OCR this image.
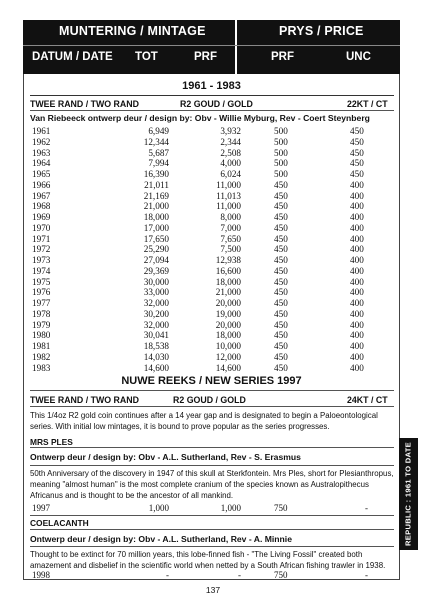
MUNTERING / MINTAGE	PRYS / PRICE
DATUM / DATE TOT	PRF	PRF	UNC
1961 - 1983
TWEE RAND / TWO RAND	R2 GOUD / GOLD	22KT / CT
Van Riebeeck ontwerp deur / design by: Obv - Willie Myburg, Rev - Coert Steynberg
1961	6,949	3,932	500	450
1962	12,344	2,344	500	450
1963	5,687	2,508	500	450
1964	7,994	4,000	500	450
1965	16,390	6,024	500	450
1966	21,011	11,000	450	400
1967	21,169	11,013	450	400
1968	21,000	11,000	450	400
1969	18,000	8,000	450	400
1970	17,000	7,000	450	400
1971	17,650	7,650	450	400
1972	25,290	7,500	450	400
1973	27,094	12,938	450	400
1974	29,369	16,600	450	400
1975	30,000	18,000	450	400
1976	33,000	21,000	450	400
1977	32,000	20,000	450	400
1978	30,200	19,000	450	400
1979	32,000	20,000	450	400
1980	30,041	18,000	450	400
1981	18,538	10,000	450	400
1982	14,030	12,000	450	400
1983	14,600	14,600	450	400
NUWE REEKS / NEW SERIES 1997
TWEE RAND / TWO RAND	R2 GOUD / GOLD	24KT / CT
This 1/4oz R2 gold coin continues after a 14 year gap and is designated to begin a Paloeontological series. With initial low mintages, it is bound to prove popular as the series progresses.
MRS PLES
Ontwerp deur / design by: Obv - A.L. Sutherland, Rev - S. Erasmus
50th Anniversary of the discovery in 1947 of this skull at Sterkfontein. Mrs Ples, short for Plesianthropus, meaning "almost human" is the most complete cranium of the species known as Australopithecus Africanus and is thought to be the ancestor of all mankind.
1997	1,000	1,000	750	-
COELACANTH
Ontwerp deur / design by: Obv - A.L. Sutherland, Rev - A. Minnie
Thought to be extinct for 70 million years, this lobe-finned fish - "The Living Fossil" created both amazement and disbelief in the scientific world when netted by a South African fishing trawler in 1938.
1998	-	-	750	-
REPUBLIC : 1961 TO DATE
137
